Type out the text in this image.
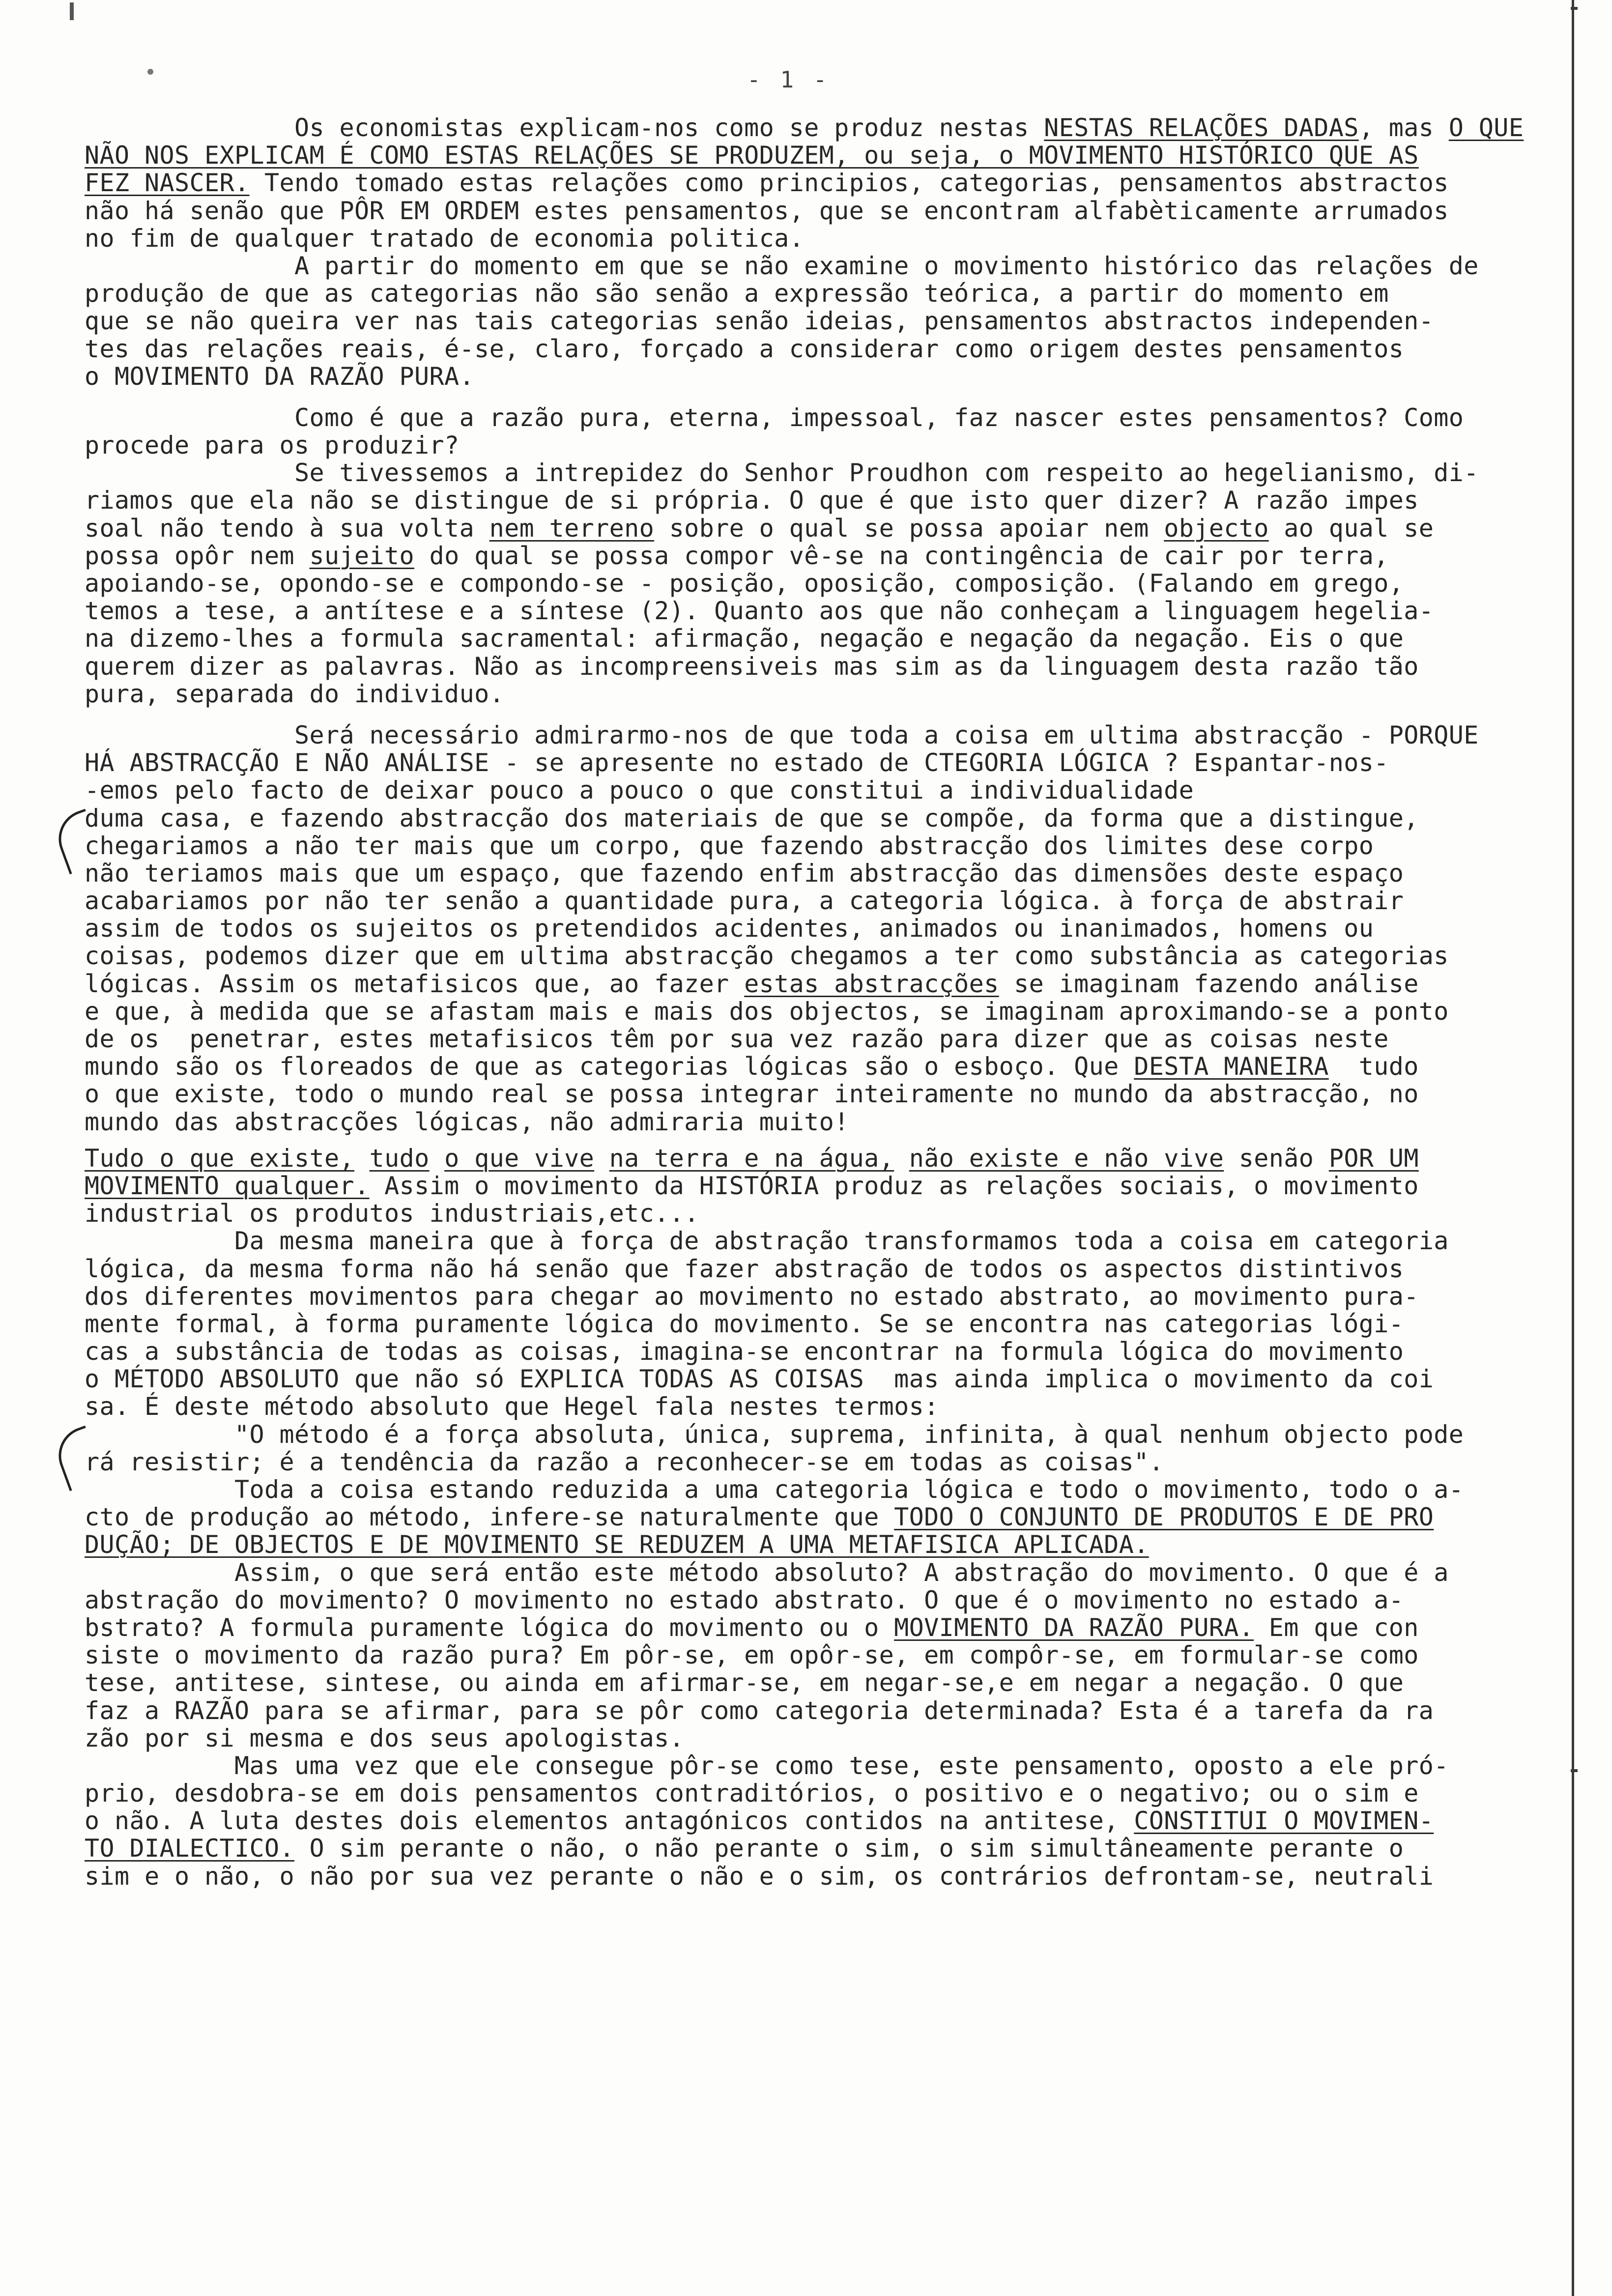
- 1 -

Os economistas explicam-nos como se produz nestas NESTAS RELAÇÕES DADAS, mas O QUE

NÃO NOS EXPLICAM É COMO ESTAS RELAÇÕES SE PRODUZEM, ou seja, o MOVIMENTO HISTÓRICO QUE AS

FEZ NASCER. Tendo tomado estas relações como principios, categorias, pensamentos abstractos

não há senão que PÔR EM ORDEM estes pensamentos, que se encontram alfabèticamente arrumados

no fim de qualquer tratado de economia politica.

A partir do momento em que se não examine o movimento histórico das relações de

produção de que as categorias não são senão a expressão teórica, a partir do momento em

que se não queira ver nas tais categorias senão ideias, pensamentos abstractos independen-

tes das relações reais, é-se, claro, forçado a considerar como origem destes pensamentos

o MOVIMENTO DA RAZÃO PURA.

Como é que a razão pura, eterna, impessoal, faz nascer estes pensamentos? Como

procede para os produzir?

Se tivessemos a intrepidez do Senhor Proudhon com respeito ao hegelianismo, di-

riamos que ela não se distingue de si própria. O que é que isto quer dizer? A razão impes

soal não tendo à sua volta nem terreno sobre o qual se possa apoiar nem objecto ao qual se

possa opôr nem sujeito do qual se possa compor vê-se na contingência de cair por terra,

apoiando-se, opondo-se e compondo-se - posição, oposição, composição. (Falando em grego,

temos a tese, a antítese e a síntese (2). Quanto aos que não conheçam a linguagem hegelia-

na dizemo-lhes a formula sacramental: afirmação, negação e negação da negação. Eis o que

querem dizer as palavras. Não as incompreensiveis mas sim as da linguagem desta razão tão

pura, separada do individuo.

Será necessário admirarmo-nos de que toda a coisa em ultima abstracção - PORQUE

HÁ ABSTRACÇÃO E NÃO ANÁLISE - se apresente no estado de CTEGORIA LÓGICA ? Espantar-nos-

-emos pelo facto de deixar pouco a pouco o que constitui a individualidade

duma casa, e fazendo abstracção dos materiais de que se compõe, da forma que a distingue,

chegariamos a não ter mais que um corpo, que fazendo abstracção dos limites dese corpo

não teriamos mais que um espaço, que fazendo enfim abstracção das dimensões deste espaço

acabariamos por não ter senão a quantidade pura, a categoria lógica. à força de abstrair

assim de todos os sujeitos os pretendidos acidentes, animados ou inanimados, homens ou

coisas, podemos dizer que em ultima abstracção chegamos a ter como substância as categorias

lógicas. Assim os metafisicos que, ao fazer estas abstracções se imaginam fazendo análise

e que, à medida que se afastam mais e mais dos objectos, se imaginam aproximando-se a ponto

de os  penetrar, estes metafisicos têm por sua vez razão para dizer que as coisas neste

mundo são os floreados de que as categorias lógicas são o esboço. Que DESTA MANEIRA  tudo

o que existe, todo o mundo real se possa integrar inteiramente no mundo da abstracção, no

mundo das abstracções lógicas, não admiraria muito!

Tudo o que existe, tudo o que vive na terra e na água, não existe e não vive senão POR UM

MOVIMENTO qualquer. Assim o movimento da HISTÓRIA produz as relações sociais, o movimento

industrial os produtos industriais,etc...

Da mesma maneira que à força de abstração transformamos toda a coisa em categoria

lógica, da mesma forma não há senão que fazer abstração de todos os aspectos distintivos

dos diferentes movimentos para chegar ao movimento no estado abstrato, ao movimento pura-

mente formal, à forma puramente lógica do movimento. Se se encontra nas categorias lógi-

cas a substância de todas as coisas, imagina-se encontrar na formula lógica do movimento

o MÉTODO ABSOLUTO que não só EXPLICA TODAS AS COISAS  mas ainda implica o movimento da coi

sa. É deste método absoluto que Hegel fala nestes termos:

"O método é a força absoluta, única, suprema, infinita, à qual nenhum objecto pode

rá resistir; é a tendência da razão a reconhecer-se em todas as coisas".

Toda a coisa estando reduzida a uma categoria lógica e todo o movimento, todo o a-

cto de produção ao método, infere-se naturalmente que TODO O CONJUNTO DE PRODUTOS E DE PRO

DUÇÃO; DE OBJECTOS E DE MOVIMENTO SE REDUZEM A UMA METAFISICA APLICADA.

Assim, o que será então este método absoluto? A abstração do movimento. O que é a

abstração do movimento? O movimento no estado abstrato. O que é o movimento no estado a-

bstrato? A formula puramente lógica do movimento ou o MOVIMENTO DA RAZÃO PURA. Em que con

siste o movimento da razão pura? Em pôr-se, em opôr-se, em compôr-se, em formular-se como

tese, antitese, sintese, ou ainda em afirmar-se, em negar-se,e em negar a negação. O que

faz a RAZÃO para se afirmar, para se pôr como categoria determinada? Esta é a tarefa da ra

zão por si mesma e dos seus apologistas.

Mas uma vez que ele consegue pôr-se como tese, este pensamento, oposto a ele pró-

prio, desdobra-se em dois pensamentos contraditórios, o positivo e o negativo; ou o sim e

o não. A luta destes dois elementos antagónicos contidos na antitese, CONSTITUI O MOVIMEN-

TO DIALECTICO. O sim perante o não, o não perante o sim, o sim simultâneamente perante o

sim e o não, o não por sua vez perante o não e o sim, os contrários defrontam-se, neutrali
